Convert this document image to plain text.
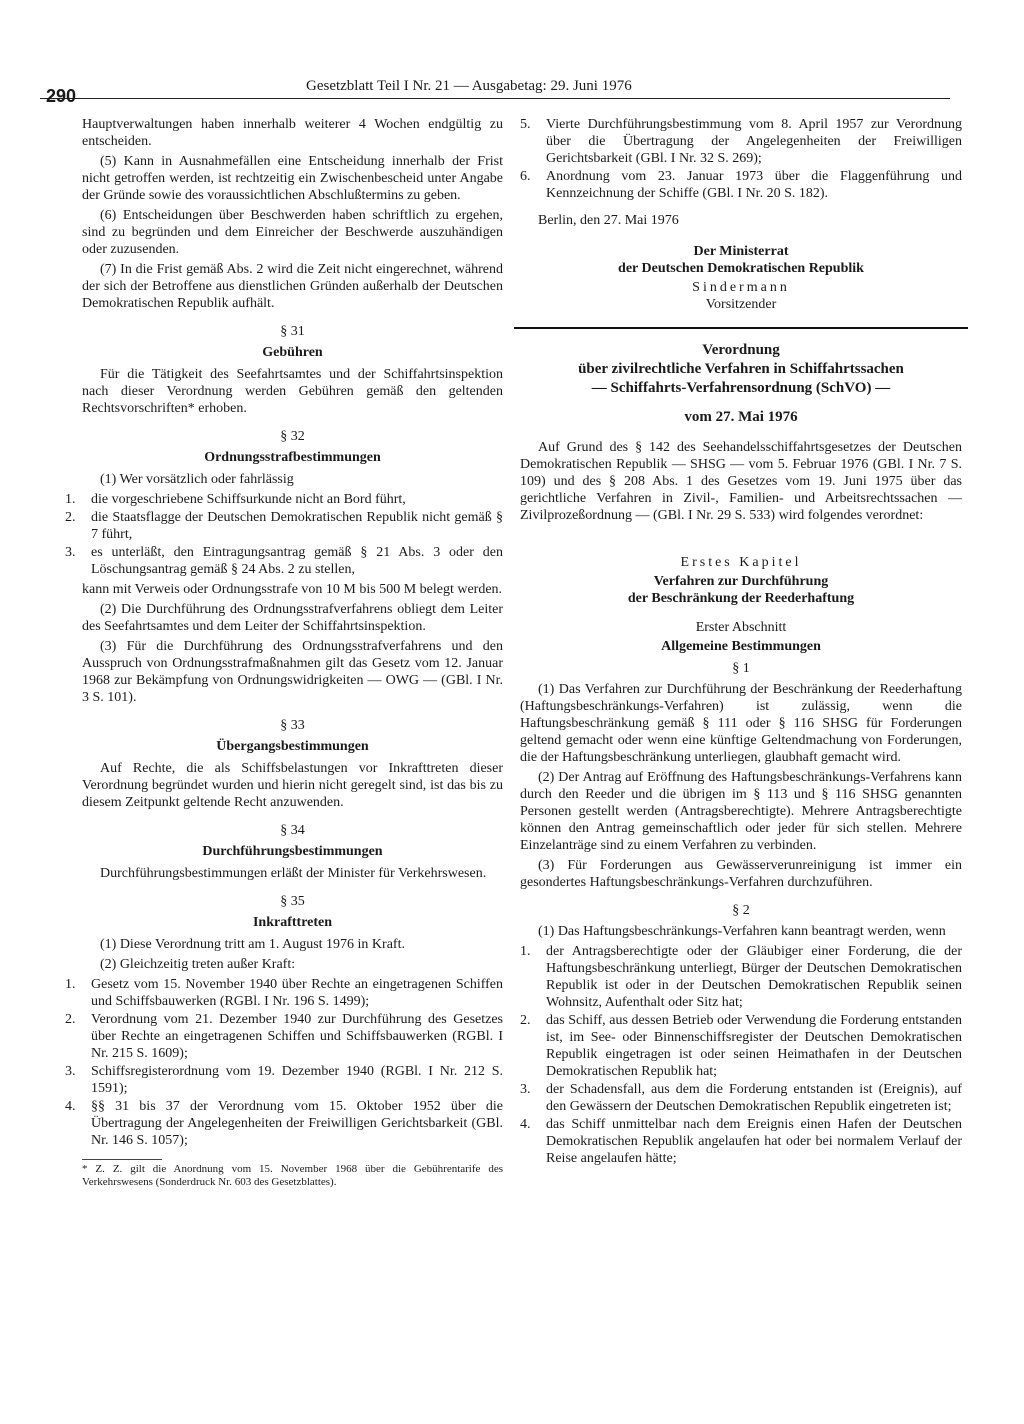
290	Gesetzblatt Teil I Nr. 21 — Ausgabetag: 29. Juni 1976

Hauptverwaltungen haben innerhalb weiterer 4 Wochen endgültig zu entscheiden.

(5) Kann in Ausnahmefällen eine Entscheidung innerhalb der Frist nicht getroffen werden, ist rechtzeitig ein Zwischenbescheid unter Angabe der Gründe sowie des voraussichtlichen Abschlußtermins zu geben.

(6) Entscheidungen über Beschwerden haben schriftlich zu ergehen, sind zu begründen und dem Einreicher der Beschwerde auszuhändigen oder zuzusenden.

(7) In die Frist gemäß Abs. 2 wird die Zeit nicht eingerechnet, während der sich der Betroffene aus dienstlichen Gründen außerhalb der Deutschen Demokratischen Republik aufhält.

§ 31
Gebühren

Für die Tätigkeit des Seefahrtsamtes und der Schiffahrtsinspektion nach dieser Verordnung werden Gebühren gemäß den geltenden Rechtsvorschriften* erhoben.

§ 32
Ordnungsstrafbestimmungen

(1) Wer vorsätzlich oder fahrlässig

1.	die vorgeschriebene Schiffsurkunde nicht an Bord führt,
2.	die Staatsflagge der Deutschen Demokratischen Republik nicht gemäß § 7 führt,
3.	es unterläßt, den Eintragungsantrag gemäß § 21 Abs. 3 oder den Löschungsantrag gemäß § 24 Abs. 2 zu stellen,

kann mit Verweis oder Ordnungsstrafe von 10 M bis 500 M belegt werden.

(2) Die Durchführung des Ordnungsstrafverfahrens obliegt dem Leiter des Seefahrtsamtes und dem Leiter der Schiffahrtsinspektion.

(3) Für die Durchführung des Ordnungsstrafverfahrens und den Ausspruch von Ordnungsstrafmaßnahmen gilt das Gesetz vom 12. Januar 1968 zur Bekämpfung von Ordnungswidrigkeiten — OWG — (GBl. I Nr. 3 S. 101).

§ 33
Übergangsbestimmungen

Auf Rechte, die als Schiffsbelastungen vor Inkrafttreten dieser Verordnung begründet wurden und hierin nicht geregelt sind, ist das bis zu diesem Zeitpunkt geltende Recht anzuwenden.

§ 34
Durchführungsbestimmungen

Durchführungsbestimmungen erläßt der Minister für Verkehrswesen.

§ 35
Inkrafttreten

(1) Diese Verordnung tritt am 1. August 1976 in Kraft.

(2) Gleichzeitig treten außer Kraft:

1.	Gesetz vom 15. November 1940 über Rechte an eingetragenen Schiffen und Schiffsbauwerken (RGBl. I Nr. 196 S. 1499);
2.	Verordnung vom 21. Dezember 1940 zur Durchführung des Gesetzes über Rechte an eingetragenen Schiffen und Schiffsbauwerken (RGBl. I Nr. 215 S. 1609);
3.	Schiffsregisterordnung vom 19. Dezember 1940 (RGBl. I Nr. 212 S. 1591);
4.	§§ 31 bis 37 der Verordnung vom 15. Oktober 1952 über die Übertragung der Angelegenheiten der Freiwilligen Gerichtsbarkeit (GBl. Nr. 146 S. 1057);

* Z. Z. gilt die Anordnung vom 15. November 1968 über die Gebührentarife des Verkehrswesens (Sonderdruck Nr. 603 des Gesetzblattes).

5.	Vierte Durchführungsbestimmung vom 8. April 1957 zur Verordnung über die Übertragung der Angelegenheiten der Freiwilligen Gerichtsbarkeit (GBl. I Nr. 32 S. 269);
6.	Anordnung vom 23. Januar 1973 über die Flaggenführung und Kennzeichnung der Schiffe (GBl. I Nr. 20 S. 182).

Berlin, den 27. Mai 1976

Der Ministerrat
der Deutschen Demokratischen Republik
Sindermann
Vorsitzender
Verordnung
über zivilrechtliche Verfahren in Schiffahrtssachen
— Schiffahrts-Verfahrensordnung (SchVO) —
vom 27. Mai 1976

Auf Grund des § 142 des Seehandelsschiffahrtsgesetzes der Deutschen Demokratischen Republik — SHSG — vom 5. Februar 1976 (GBl. I Nr. 7 S. 109) und des § 208 Abs. 1 des Gesetzes vom 19. Juni 1975 über das gerichtliche Verfahren in Zivil-, Familien- und Arbeitsrechtssachen — Zivilprozeßordnung — (GBl. I Nr. 29 S. 533) wird folgendes verordnet:

Erstes Kapitel
Verfahren zur Durchführung
der Beschränkung der Reederhaftung
Erster Abschnitt
Allgemeine Bestimmungen
§ 1

(1) Das Verfahren zur Durchführung der Beschränkung der Reederhaftung (Haftungsbeschränkungs-Verfahren) ist zulässig, wenn die Haftungsbeschränkung gemäß § 111 oder § 116 SHSG für Forderungen geltend gemacht oder wenn eine künftige Geltendmachung von Forderungen, die der Haftungsbeschränkung unterliegen, glaubhaft gemacht wird.

(2) Der Antrag auf Eröffnung des Haftungsbeschränkungs-Verfahrens kann durch den Reeder und die übrigen im § 113 und § 116 SHSG genannten Personen gestellt werden (Antragsberechtigte). Mehrere Antragsberechtigte können den Antrag gemeinschaftlich oder jeder für sich stellen. Mehrere Einzelanträge sind zu einem Verfahren zu verbinden.

(3) Für Forderungen aus Gewässerverunreinigung ist immer ein gesondertes Haftungsbeschränkungs-Verfahren durchzuführen.

§ 2

(1) Das Haftungsbeschränkungs-Verfahren kann beantragt werden, wenn

1.	der Antragsberechtigte oder der Gläubiger einer Forderung, die der Haftungsbeschränkung unterliegt, Bürger der Deutschen Demokratischen Republik ist oder in der Deutschen Demokratischen Republik seinen Wohnsitz, Aufenthalt oder Sitz hat;
2.	das Schiff, aus dessen Betrieb oder Verwendung die Forderung entstanden ist, im See- oder Binnenschiffsregister der Deutschen Demokratischen Republik eingetragen ist oder seinen Heimathafen in der Deutschen Demokratischen Republik hat;
3.	der Schadensfall, aus dem die Forderung entstanden ist (Ereignis), auf den Gewässern der Deutschen Demokratischen Republik eingetreten ist;
4.	das Schiff unmittelbar nach dem Ereignis einen Hafen der Deutschen Demokratischen Republik angelaufen hat oder bei normalem Verlauf der Reise angelaufen hätte;
